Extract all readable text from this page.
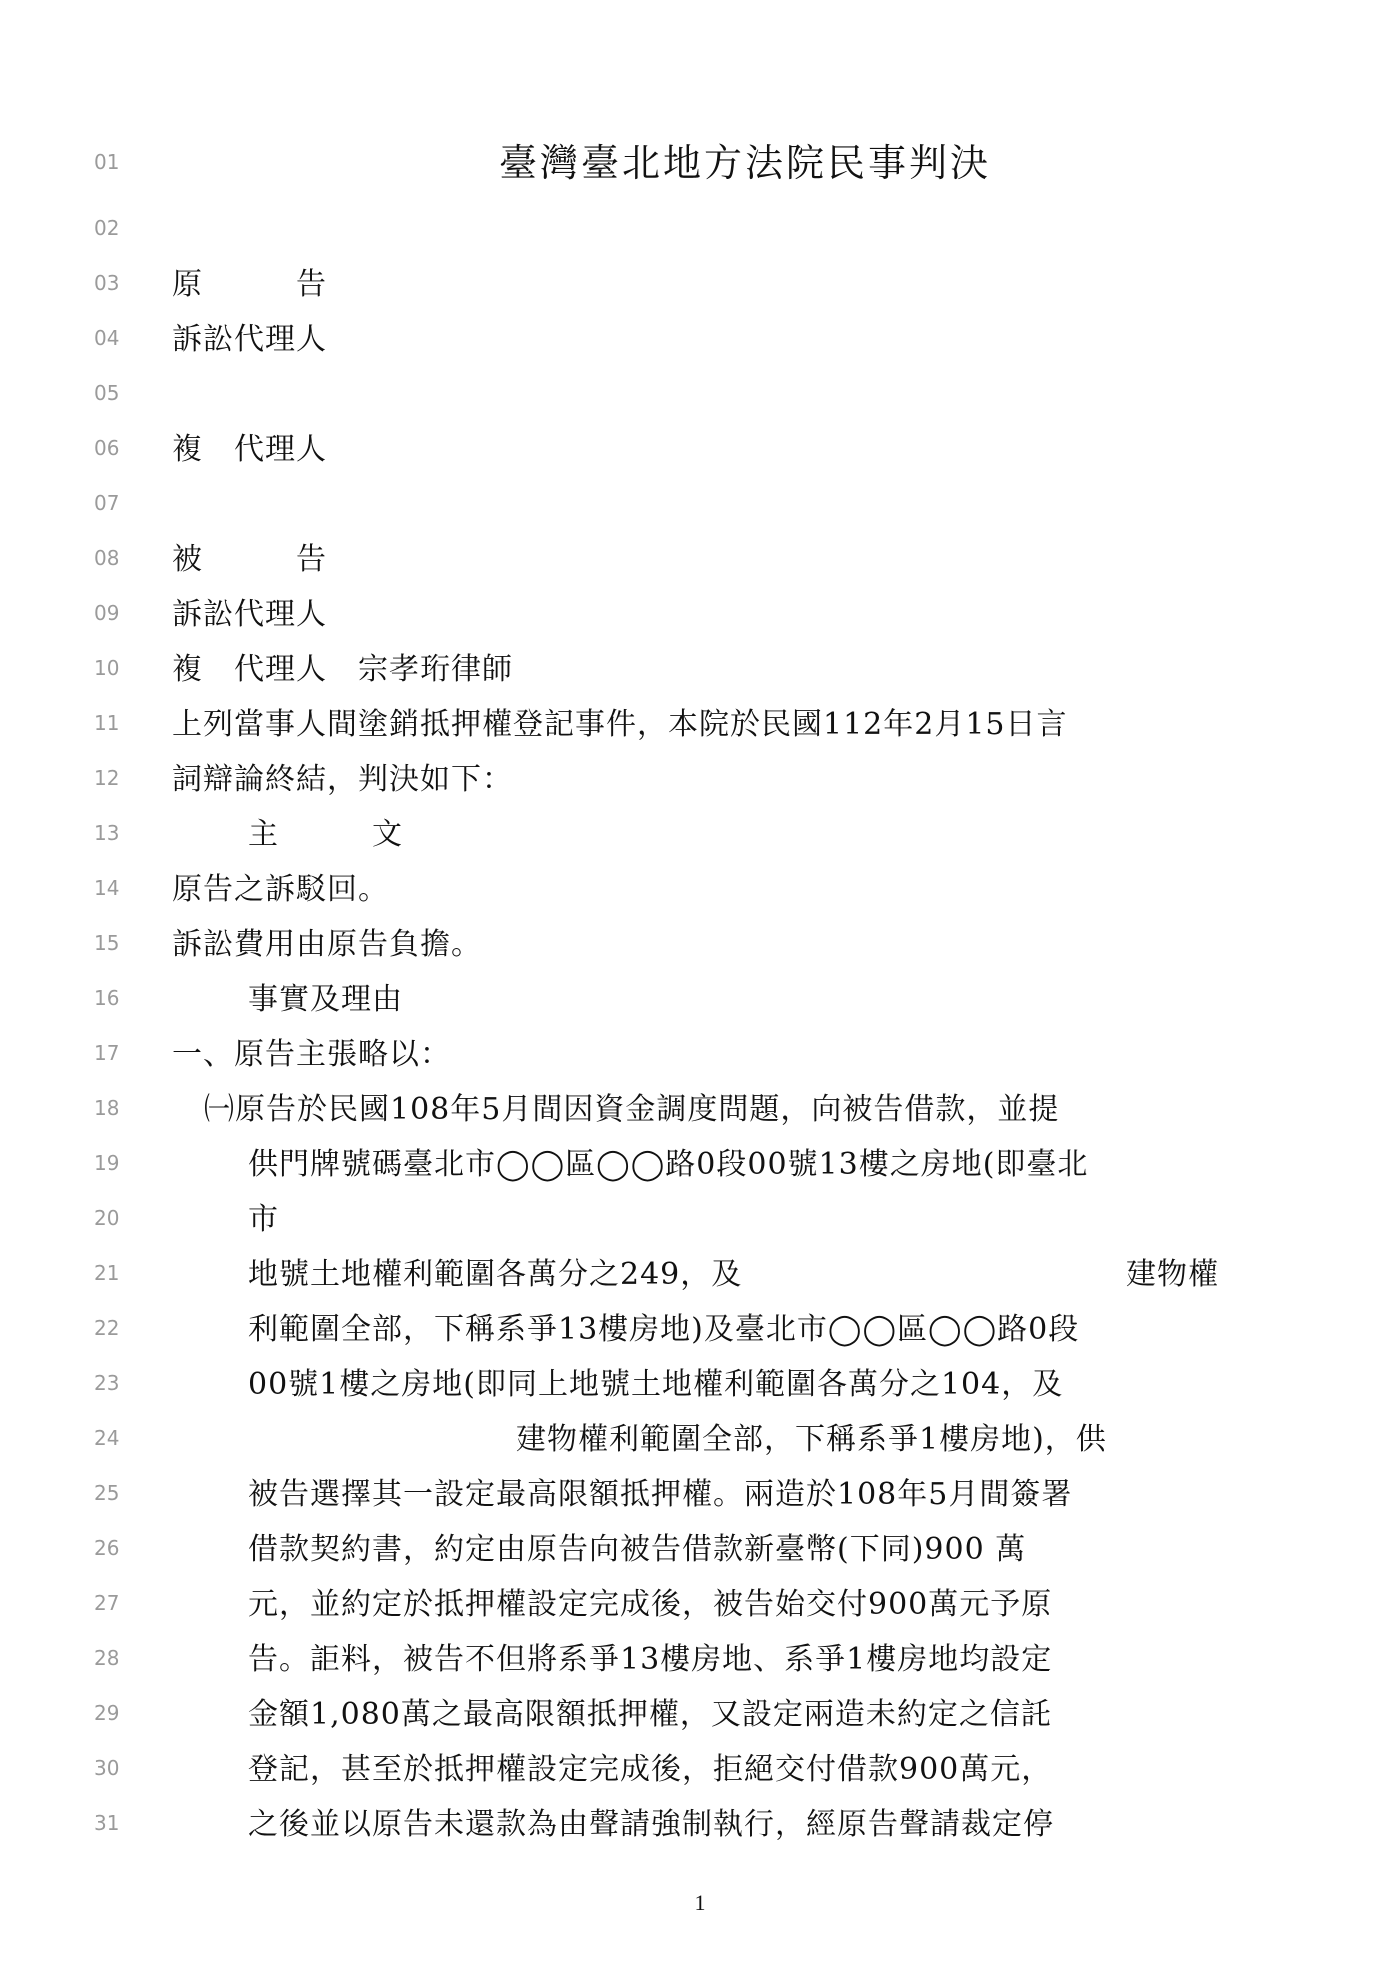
01	臺灣臺北地方法院民事判決
02
03 原　　　告
04 訴訟代理人
05
06 複　代理人
07
08 被　　　告
09 訴訟代理人
10 複　代理人　宗孝珩律師
11 上列當事人間塗銷抵押權登記事件，本院於民國112年2月15日言
12 詞辯論終結，判決如下：
13	主　　　文
14 原告之訴駁回。
15 訴訟費用由原告負擔。
16	事實及理由
17 一、原告主張略以：
18	㈠原告於民國108年5月間因資金調度問題，向被告借款，並提
19	供門牌號碼臺北市◯◯區◯◯路0段00號13樓之房地(即臺北
20	市
21	地號土地權利範圍各萬分之249，及	建物權
22	利範圍全部，下稱系爭13樓房地)及臺北市◯◯區◯◯路0段
23	00號1樓之房地(即同上地號土地權利範圍各萬分之104，及
24	建物權利範圍全部，下稱系爭1樓房地)，供
25	被告選擇其一設定最高限額抵押權。兩造於108年5月間簽署
26	借款契約書，約定由原告向被告借款新臺幣(下同)900 萬
27	元，並約定於抵押權設定完成後，被告始交付900萬元予原
28	告。詎料，被告不但將系爭13樓房地、系爭1樓房地均設定
29	金額1,080萬之最高限額抵押權，又設定兩造未約定之信託
30	登記，甚至於抵押權設定完成後，拒絕交付借款900萬元，
31	之後並以原告未還款為由聲請強制執行，經原告聲請裁定停
1
